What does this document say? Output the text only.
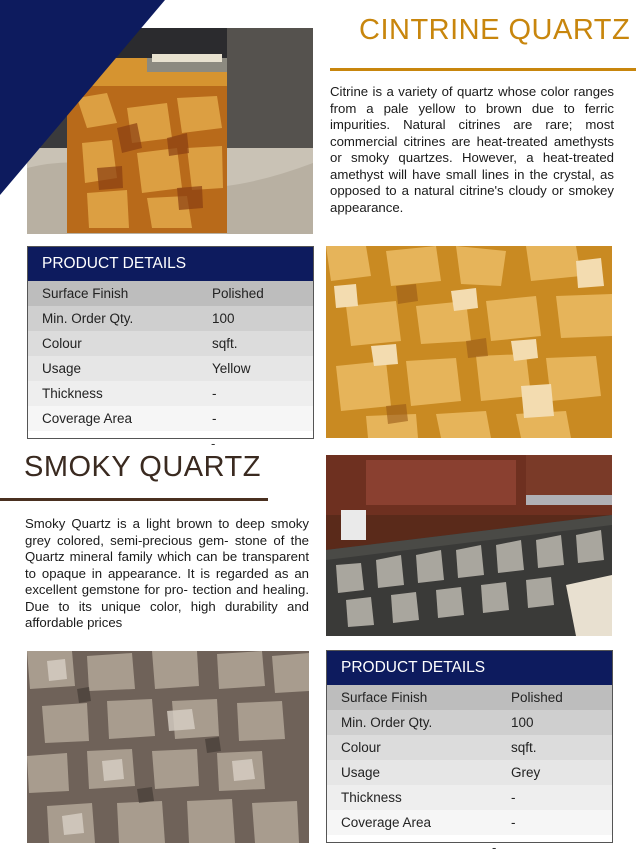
CINTRINE QUARTZ
Citrine is a variety of quartz whose color ranges from a pale yellow to brown due to ferric impurities. Natural citrines are rare; most commercial citrines are heat-treated amethysts or smoky quartzes. However, a heat-treated amethyst will have small lines in the crystal, as opposed to a natural citrine's cloudy or smokey appearance.
PRODUCT DETAILS
Surface Finish	Polished
Min. Order Qty.	100
Colour	sqft.
Usage	Yellow
Thickness	-
Coverage Area	-
-
SMOKY QUARTZ
Smoky Quartz is a light brown to deep smoky grey colored, semi-precious gem- stone of the Quartz mineral family which can be transparent to opaque in appearance. It is regarded as an excellent gemstone for pro- tection and healing. Due to its unique color, high durability and affordable prices
PRODUCT DETAILS
Surface Finish	Polished
Min. Order Qty.	100
Colour	sqft.
Usage	Grey
Thickness	-
Coverage Area	-
-
